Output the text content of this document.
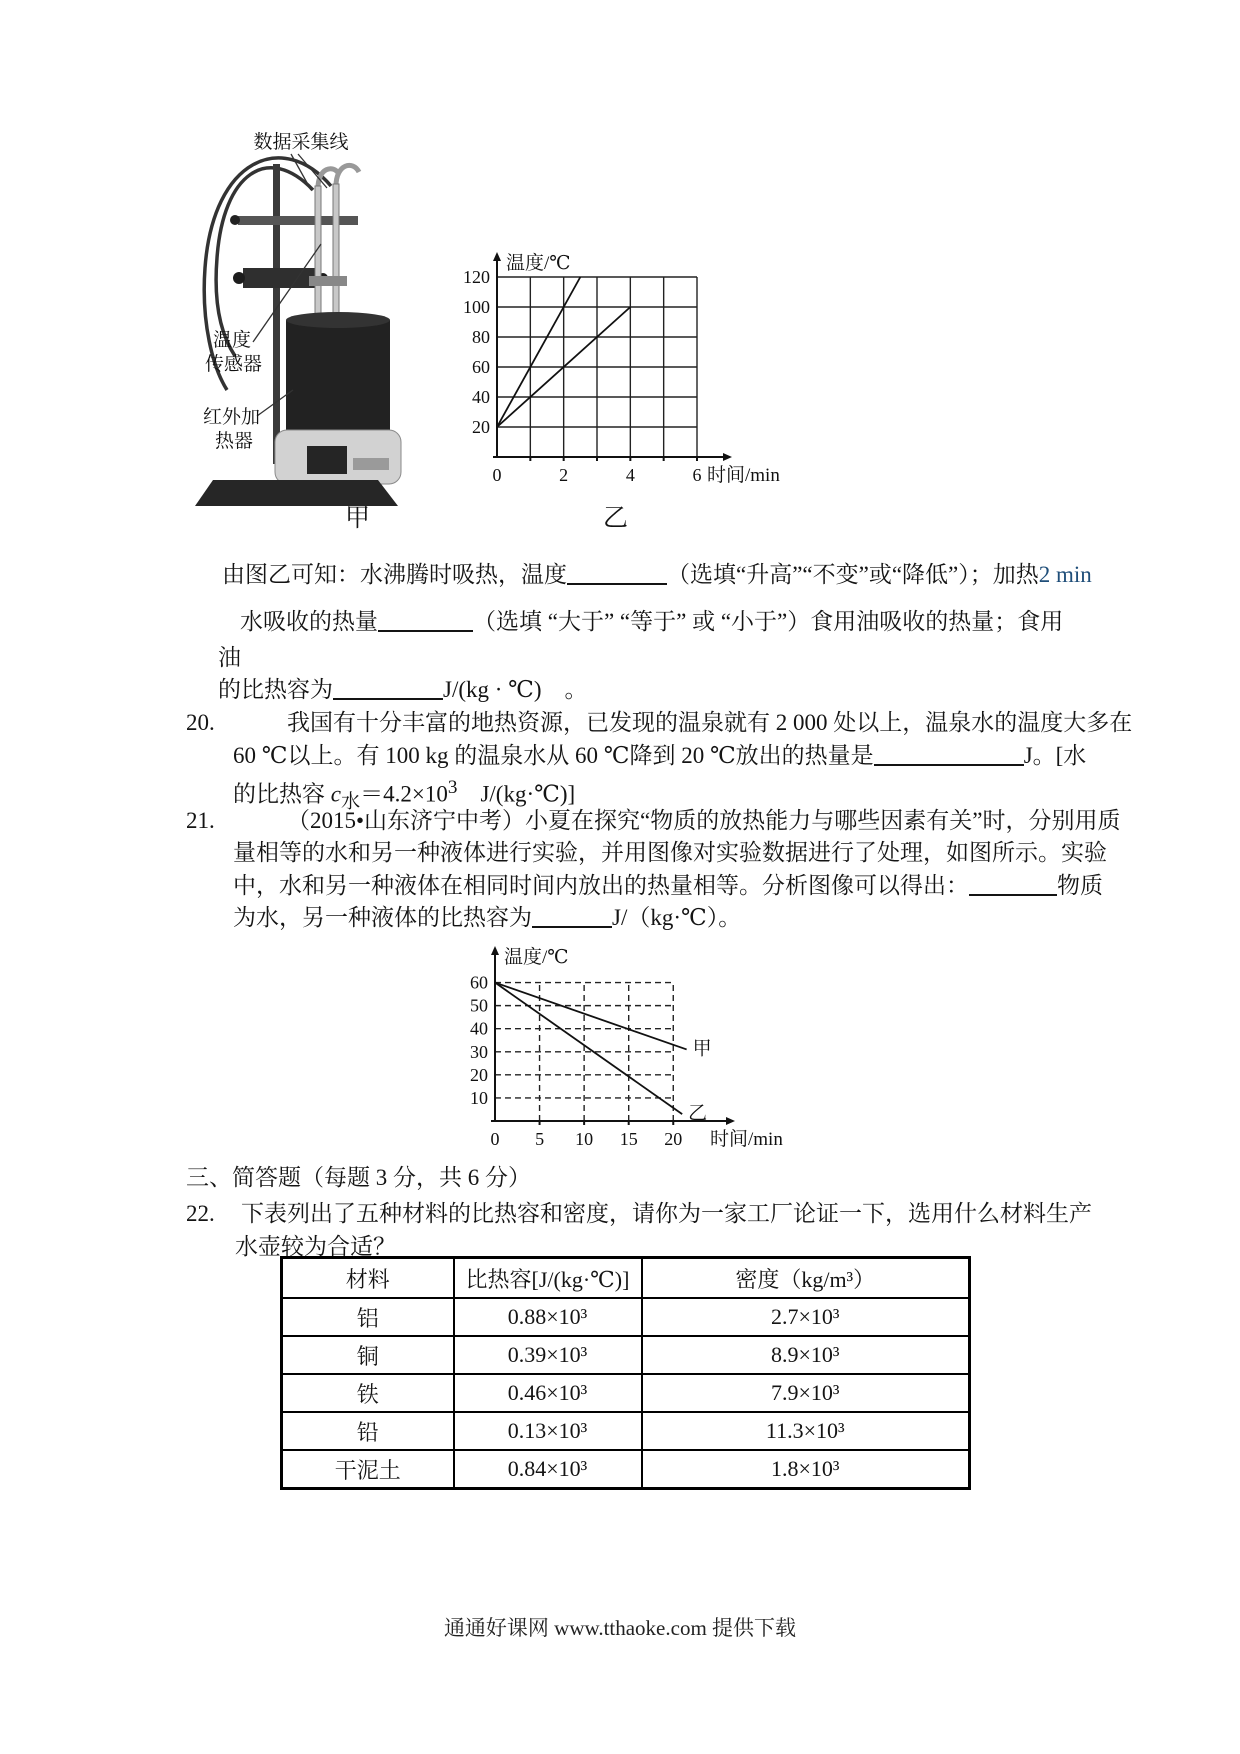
数据采集线
温度
传感器
红外加
热器
20
40
60
80
100
120
0	2	4	6
温度/℃
时间/min
甲	乙
由图乙可知：水沸腾时吸热，温度	（选填“升高”“不变”或“降低”）；加热2 min
水吸收的热量	（选填 “大于” “等于” 或 “小于”）食用油吸收的热量；食用
油
的比热容为	J/(kg · ℃)　。
20.	我国有十分丰富的地热资源，已发现的温泉就有 2 000 处以上，温泉水的温度大多在
60 ℃以上。有 100 kg 的温泉水从 60 ℃降到 20 ℃放出的热量是	J。[水
的比热容 $c_水=4.2\times 10^3$　J/(kg·℃)]
21.	（2015•山东济宁中考）小夏在探究“物质的放热能力与哪些因素有关”时，分别用质
量相等的水和另一种液体进行实验，并用图像对实验数据进行了处理，如图所示。实验
中，水和另一种液体在相同时间内放出的热量相等。分析图像可以得出：	物质
为水，另一种液体的比热容为	J/（kg·℃）。
10
20
30
40
50
60
0 5 10 15 20
温度/℃
时间/min
甲
乙
三、简答题（每题 3 分，共 6 分）
22. 下表列出了五种材料的比热容和密度，请你为一家工厂论证一下，选用什么材料生产
水壶较为合适？
材料	比热容[J/(kg·℃)]	密度（kg/m³）
铝	0.88×10³	2.7×10³
铜	0.39×10³	8.9×10³
铁	0.46×10³	7.9×10³
铅	0.13×10³	11.3×10³
干泥土	0.84×10³	1.8×10³
通通好课网 www.tthaoke.com 提供下载
